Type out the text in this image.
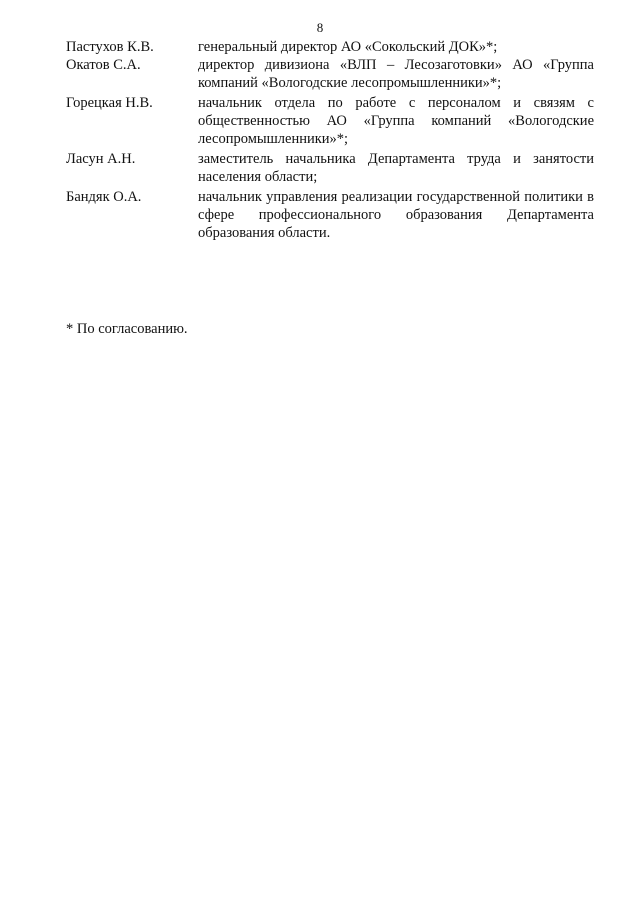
8
Пастухов К.В.	генеральный директор АО «Сокольский ДОК»*;
Окатов С.А.	директор дивизиона «ВЛП – Лесозаготовки» АО «Группа компаний «Вологодские лесопромышленники»*;
Горецкая Н.В.	начальник отдела по работе с персоналом и связям с общественностью АО «Группа компаний «Вологодские лесопромышленники»*;
Ласун А.Н.	заместитель начальника Департамента труда и занятости населения области;
Бандяк О.А.	начальник управления реализации государственной политики в сфере профессионального образования Департамента образования области.
* По согласованию.
